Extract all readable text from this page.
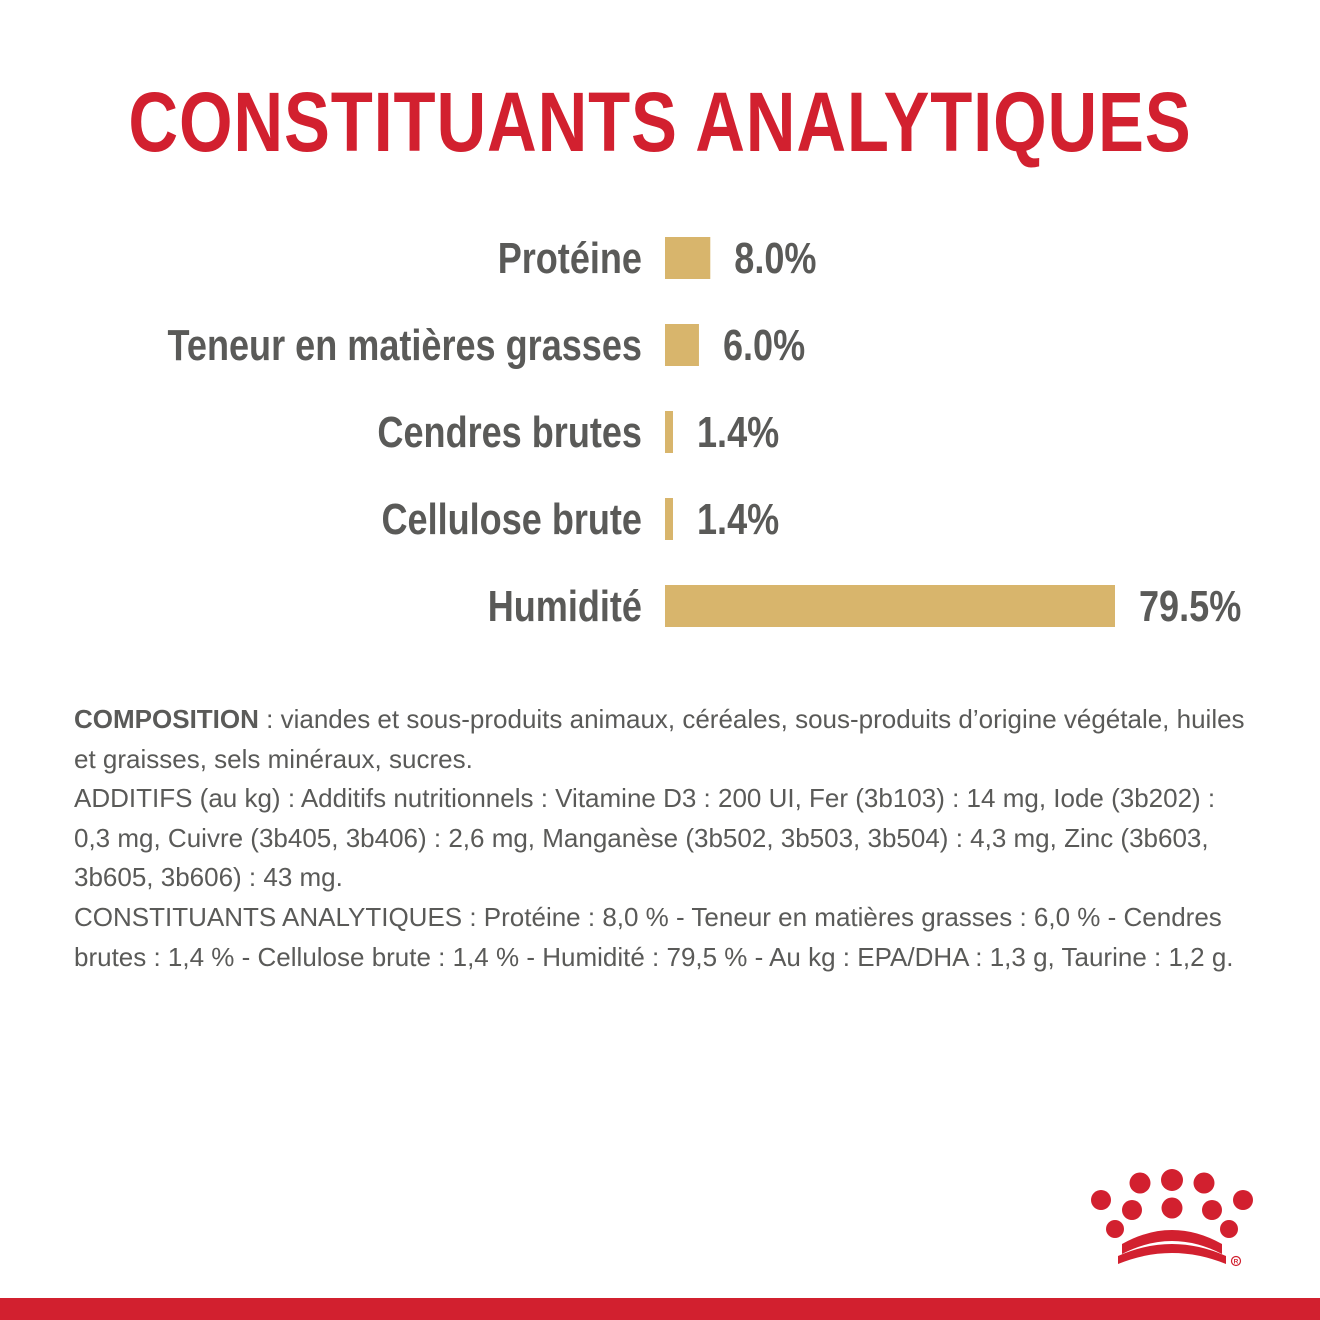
CONSTITUANTS ANALYTIQUES
Protéine 8.0%
Teneur en matières grasses 6.0%
Cendres brutes 1.4%
Cellulose brute 1.4%
Humidité	79.5%

COMPOSITION : viandes et sous-produits animaux, céréales, sous-produits d’origine végétale, huiles et graisses, sels minéraux, sucres.

ADDITIFS (au kg) : Additifs nutritionnels : Vitamine D3 : 200 UI, Fer (3b103) : 14 mg, Iode (3b202) : 0,3 mg, Cuivre (3b405, 3b406) : 2,6 mg, Manganèse (3b502, 3b503, 3b504) : 4,3 mg, Zinc (3b603, 3b605, 3b606) : 43 mg.

CONSTITUANTS ANALYTIQUES : Protéine : 8,0 % - Teneur en matières grasses : 6,0 % - Cendres brutes : 1,4 % - Cellulose brute : 1,4 % - Humidité : 79,5 % - Au kg : EPA/DHA : 1,3 g, Taurine : 1,2 g.

R
